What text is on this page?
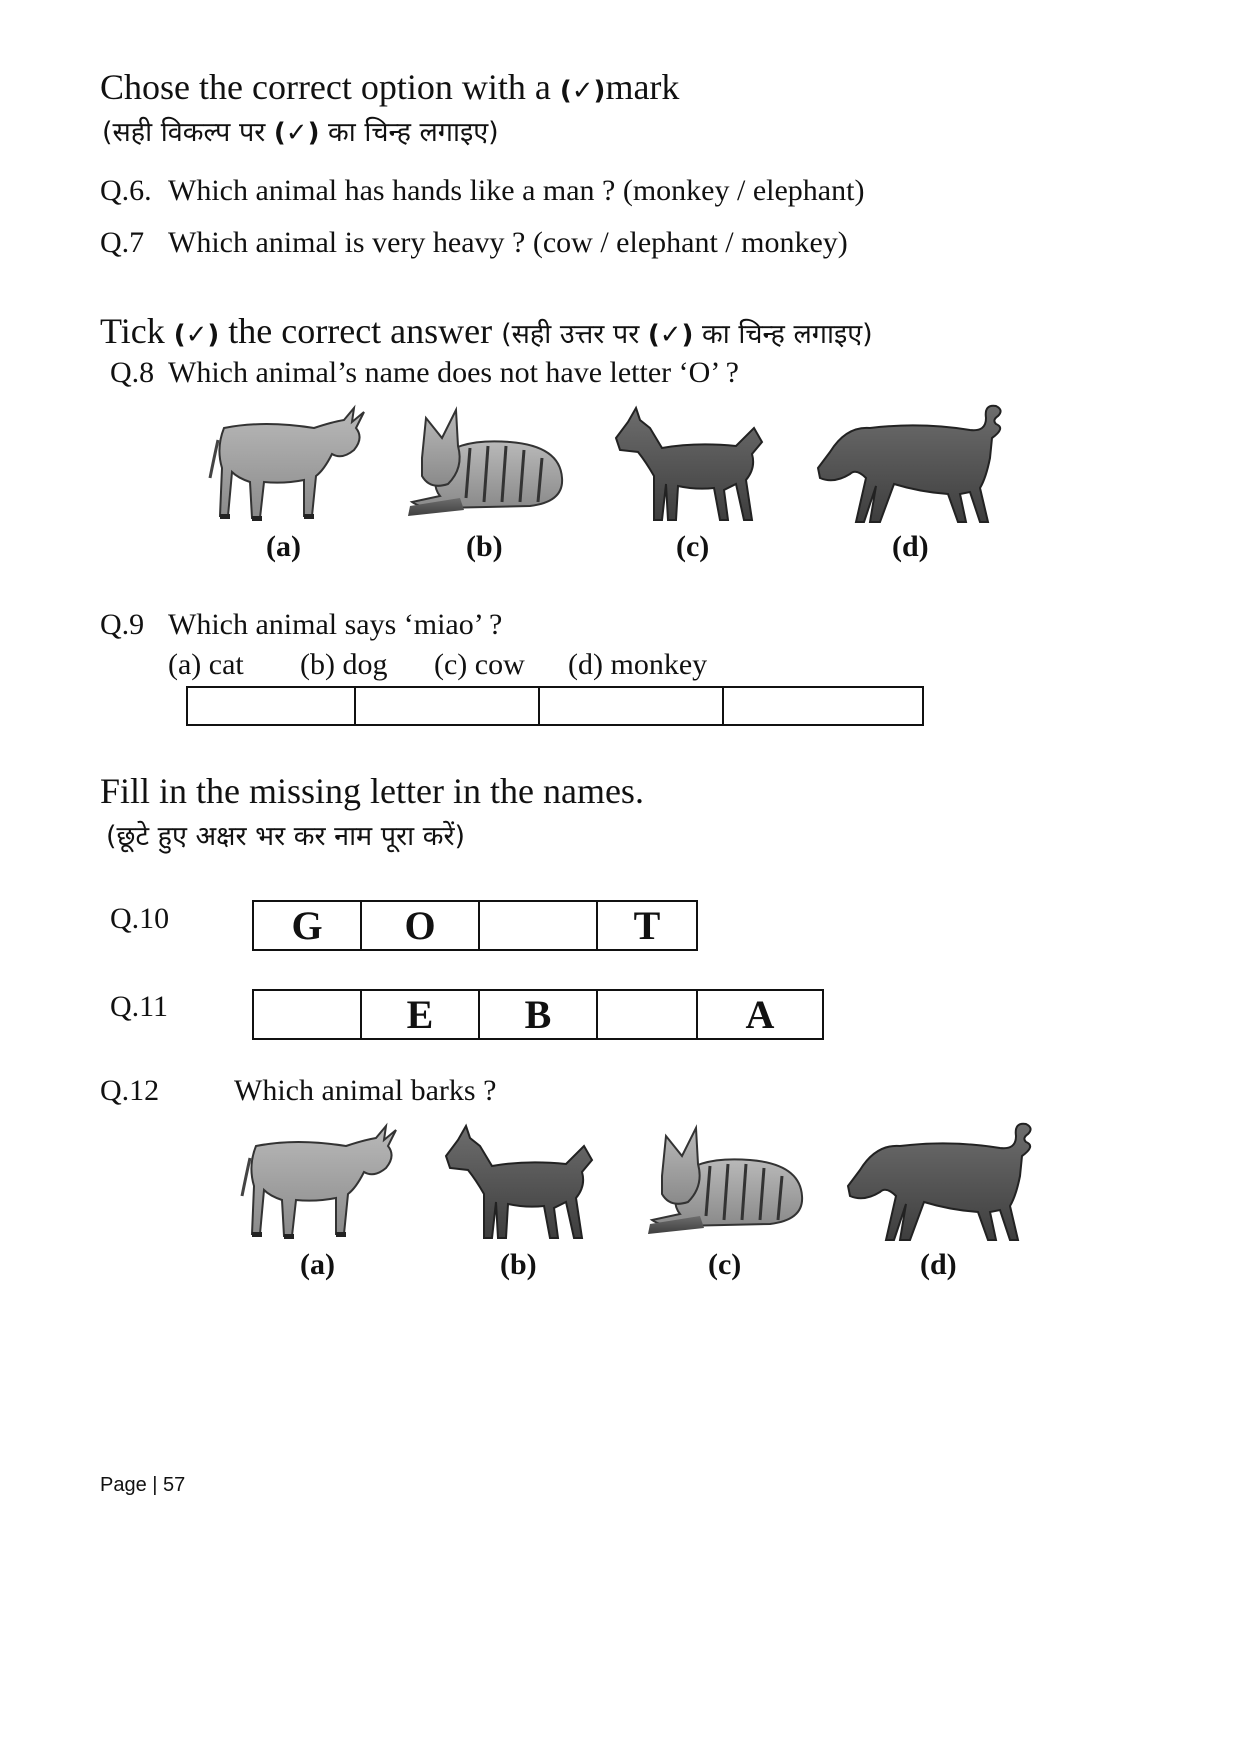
Chose the correct option with a (✓)mark
(सही विकल्प पर (✓) का चिन्ह लगाइए)
Q.6. Which animal has hands like a man ? (monkey / elephant)
Q.7 Which animal is very heavy ? (cow / elephant / monkey)
Tick (✓) the correct answer (सही उत्तर पर (✓) का चिन्ह लगाइए)
Q.8 Which animal’s name does not have letter ‘O’ ?
(a)	(b)	(c)	(d)
Q.9 Which animal says ‘miao’ ?
(a) cat (b) dog (c) cow (d) monkey

Fill in the missing letter in the names.
(छूटे हुए अक्षर भर कर नाम पूरा करें)
Q.10	G	O		T
Q.11
		E	B		A
Q.12 Which animal barks ?
(a)	(b)	(c)	(d)
Page | 57
